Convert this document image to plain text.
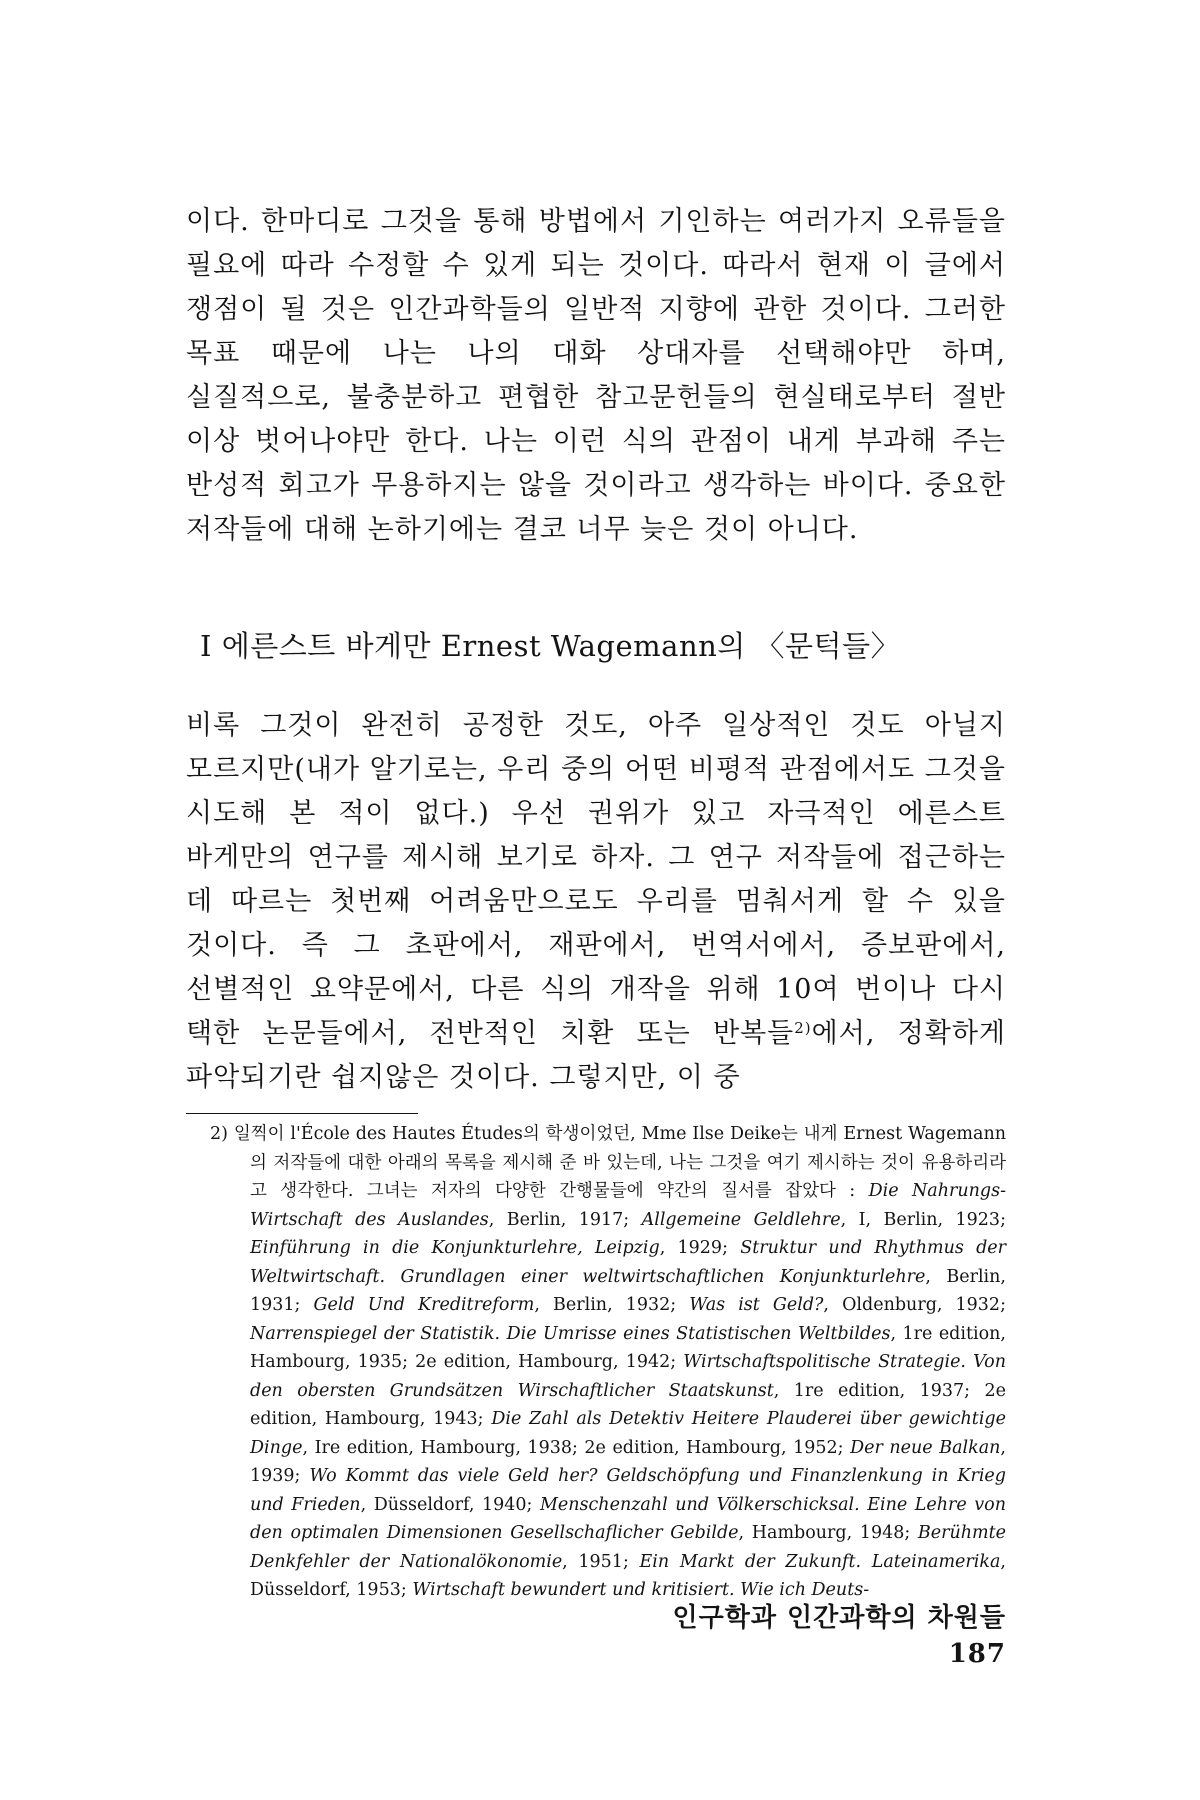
이다. 한마디로 그것을 통해 방법에서 기인하는 여러가지 오류들을 필요에 따라 수정할 수 있게 되는 것이다. 따라서 현재 이 글에서 쟁점이 될 것은 인간과학들의 일반적 지향에 관한 것이다. 그러한 목표 때문에 나는 나의 대화 상대자를 선택해야만 하며, 실질적으로, 불충분하고 편협한 참고문헌들의 현실태로부터 절반 이상 벗어나야만 한다. 나는 이런 식의 관점이 내게 부과해 주는 반성적 회고가 무용하지는 않을 것이라고 생각하는 바이다. 중요한 저작들에 대해 논하기에는 결코 너무 늦은 것이 아니다.

I 에른스트 바게만 Ernest Wagemann의 〈문턱들〉

비록 그것이 완전히 공정한 것도, 아주 일상적인 것도 아닐지 모르지만(내가 알기로는, 우리 중의 어떤 비평적 관점에서도 그것을 시도해 본 적이 없다.) 우선 권위가 있고 자극적인 에른스트 바게만의 연구를 제시해 보기로 하자. 그 연구 저작들에 접근하는 데 따르는 첫번째 어려움만으로도 우리를 멈춰서게 할 수 있을 것이다. 즉 그 초판에서, 재판에서, 번역서에서, 증보판에서, 선별적인 요약문에서, 다른 식의 개작을 위해 10여 번이나 다시 택한 논문들에서, 전반적인 치환 또는 반복들$^{2)}$에서, 정확하게 파악되기란 쉽지않은 것이다. 그렇지만, 이 중

2) 일찍이 l'École des Hautes Études의 학생이었던, Mme Ilse Deike는 내게 Ernest Wagemann의 저작들에 대한 아래의 목록을 제시해 준 바 있는데, 나는 그것을 여기 제시하는 것이 유용하리라고 생각한다. 그녀는 저자의 다양한 간행물들에 약간의 질서를 잡았다 : Die Nahrungs-Wirtschaft des Auslandes, Berlin, 1917; Allgemeine Geldlehre, I, Berlin, 1923; Einführung in die Konjunkturlehre, Leipzig, 1929; Struktur und Rhythmus der Weltwirtschaft. Grundlagen einer weltwirtschaftlichen Konjunkturlehre, Berlin, 1931; Geld Und Kreditreform, Berlin, 1932; Was ist Geld?, Oldenburg, 1932; Narrenspiegel der Statistik. Die Umrisse eines Statistischen Weltbildes, 1re edition, Hambourg, 1935; 2e edition, Hambourg, 1942; Wirtschaftspolitische Strategie. Von den obersten Grundsätzen Wirschaftlicher Staatskunst, 1re edition, 1937; 2e edition, Hambourg, 1943; Die Zahl als Detektiv Heitere Plauderei über gewichtige Dinge, Ire edition, Hambourg, 1938; 2e edition, Hambourg, 1952; Der neue Balkan, 1939; Wo Kommt das viele Geld her? Geldschöpfung und Finanzlenkung in Krieg und Frieden, Düsseldorf, 1940; Menschenzahl und Völkerschicksal. Eine Lehre von den optimalen Dimensionen Gesellschaflicher Gebilde, Hambourg, 1948; Berühmte Denkfehler der Nationalökonomie, 1951; Ein Markt der Zukunft. Lateinamerika, Düsseldorf, 1953; Wirtschaft bewundert und kritisiert. Wie ich Deuts-

인구학과 인간과학의 차원들187
